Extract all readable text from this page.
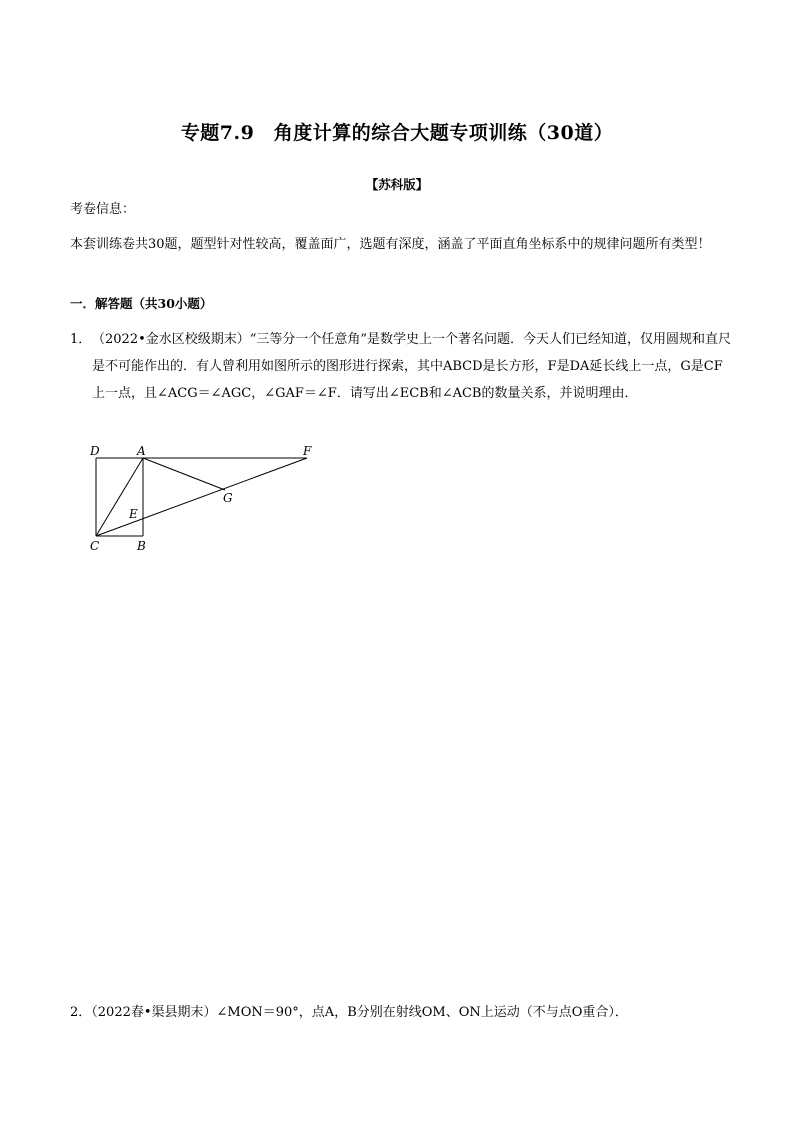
专题7.9　角度计算的综合大题专项训练（30道）
【苏科版】
考卷信息：
本套训练卷共30题，题型针对性较高，覆盖面广，选题有深度，涵盖了平面直角坐标系中的规律问题所有类型！
一．解答题（共30小题）
1． （2022•金水区校级期末）“三等分一个任意角”是数学史上一个著名问题．今天人们已经知道，仅用圆规和直尺是不可能作出的．有人曾利用如图所示的图形进行探索，其中ABCD是长方形，F是DA延长线上一点，G是CF上一点，且∠ACG＝∠AGC，∠GAF＝∠F．请写出∠ECB和∠ACB的数量关系，并说明理由．
D	A	F
G
E
C	B
2．（2022春•渠县期末）∠MON＝90°，点A，B分别在射线OM、ON上运动（不与点O重合）．
